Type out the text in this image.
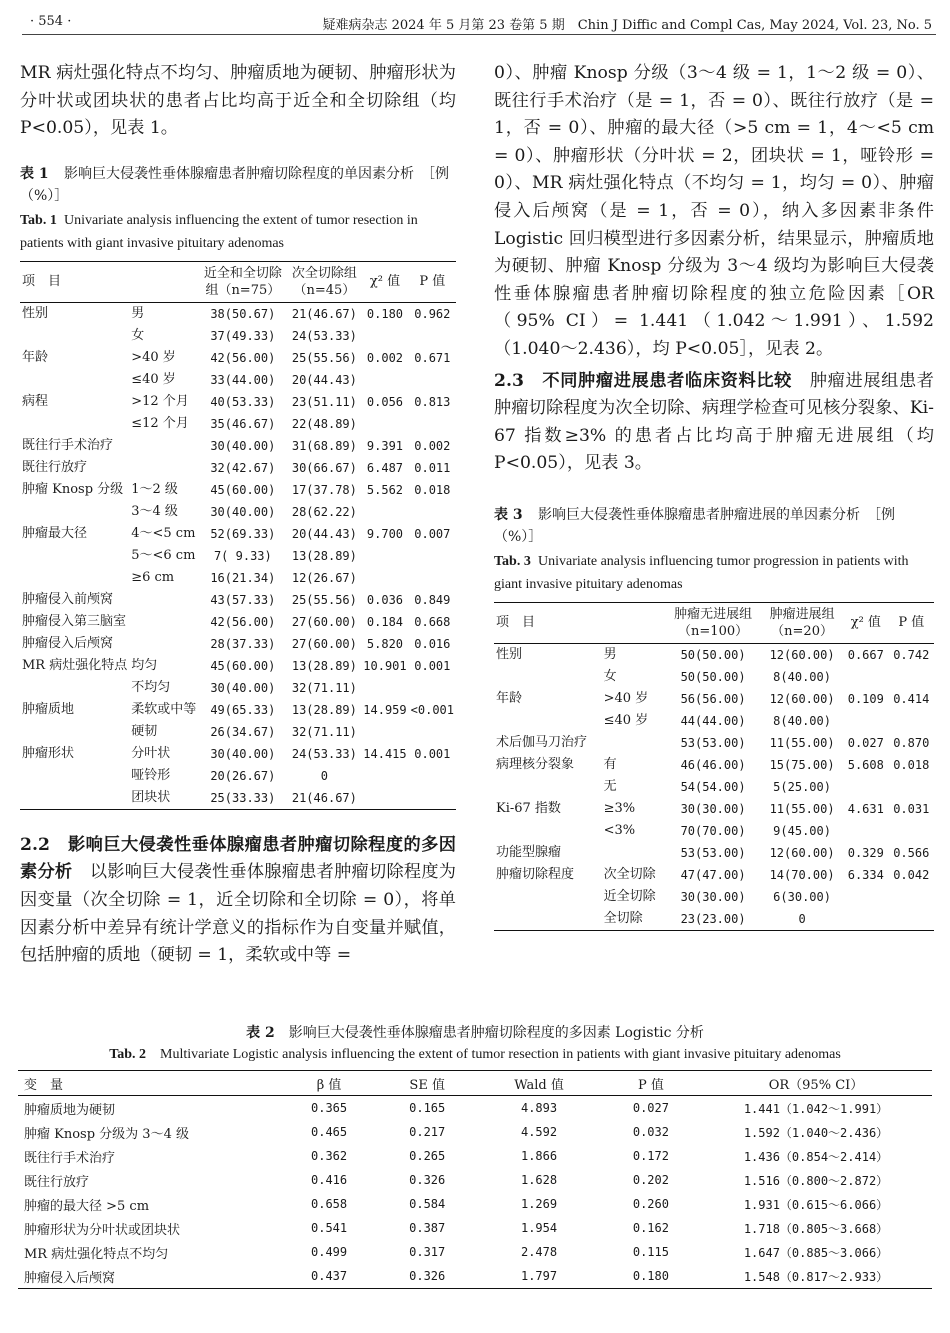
· 554 ·	疑难病杂志 2024 年 5 月第 23 卷第 5 期　Chin J Diffic and Compl Cas, May 2024, Vol. 23, No. 5

MR 病灶强化特点不均匀、肿瘤质地为硬韧、肿瘤形状为分叶状或团块状的患者占比均高于近全和全切除组（均 P<0.05），见表 1。

表 1 影响巨大侵袭性垂体腺瘤患者肿瘤切除程度的单因素分析　［例（%）］

Tab. 1 Univariate analysis influencing the extent of tumor resection in patients with giant invasive pituitary adenomas

项　目		近全和全切除组（n=75）	次全切除组（n=45）	χ² 值	P 值
性别	男	38(50.67)	21(46.67)	0.180	0.962
	女	37(49.33)	24(53.33)		
年龄	>40 岁	42(56.00)	25(55.56)	0.002	0.671
	≤40 岁	33(44.00)	20(44.43)		
病程	>12 个月	40(53.33)	23(51.11)	0.056	0.813
	≤12 个月	35(46.67)	22(48.89)		
既往行手术治疗		30(40.00)	31(68.89)	9.391	0.002
既往行放疗		32(42.67)	30(66.67)	6.487	0.011
肿瘤 Knosp 分级	1～2 级	45(60.00)	17(37.78)	5.562	0.018
	3～4 级	30(40.00)	28(62.22)		
肿瘤最大径	4～<5 cm	52(69.33)	20(44.43)	9.700	0.007
	5～<6 cm	7( 9.33)	13(28.89)		
	≥6 cm	16(21.34)	12(26.67)		
肿瘤侵入前颅窝		43(57.33)	25(55.56)	0.036	0.849
肿瘤侵入第三脑室		42(56.00)	27(60.00)	0.184	0.668
肿瘤侵入后颅窝		28(37.33)	27(60.00)	5.820	0.016
MR 病灶强化特点	均匀	45(60.00)	13(28.89)	10.901	0.001
	不均匀	30(40.00)	32(71.11)		
肿瘤质地	柔软或中等	49(65.33)	13(28.89)	14.959	<0.001
	硬韧	26(34.67)	32(71.11)		
肿瘤形状	分叶状	30(40.00)	24(53.33)	14.415	0.001
	哑铃形	20(26.67)	0		
	团块状	25(33.33)	21(46.67)		

2.2　影响巨大侵袭性垂体腺瘤患者肿瘤切除程度的多因素分析　 以影响巨大侵袭性垂体腺瘤患者肿瘤切除程度为因变量（次全切除 = 1，近全切除和全切除 = 0），将单因素分析中差异有统计学意义的指标作为自变量并赋值，包括肿瘤的质地（硬韧 = 1，柔软或中等 =

0）、肿瘤 Knosp 分级（3～4 级 = 1，1～2 级 = 0）、既往行手术治疗（是 = 1，否 = 0）、既往行放疗（是 = 1，否 = 0）、肿瘤的最大径（>5 cm = 1，4～<5 cm = 0）、肿瘤形状（分叶状 = 2，团块状 = 1，哑铃形 = 0）、MR 病灶强化特点（不均匀 = 1，均匀 = 0）、肿瘤侵入后颅窝（是 = 1，否 = 0），纳入多因素非条件 Logistic 回归模型进行多因素分析，结果显示，肿瘤质地为硬韧、肿瘤 Knosp 分级为 3～4 级均为影响巨大侵袭性垂体腺瘤患者肿瘤切除程度的独立危险因素［OR（95% CI）= 1.441（1.042～1.991）、1.592（1.040～2.436），均 P<0.05］，见表 2。

2.3　不同肿瘤进展患者临床资料比较　 肿瘤进展组患者肿瘤切除程度为次全切除、病理学检查可见核分裂象、Ki-67 指数≥3% 的患者占比均高于肿瘤无进展组（均 P<0.05），见表 3。

表 3 影响巨大侵袭性垂体腺瘤患者肿瘤进展的单因素分析　［例（%）］

Tab. 3 Univariate analysis influencing tumor progression in patients with giant invasive pituitary adenomas

项　目		肿瘤无进展组（n=100）	肿瘤进展组（n=20）	χ² 值	P 值
性别	男	50(50.00)	12(60.00)	0.667	0.742
	女	50(50.00)	8(40.00)		
年龄	>40 岁	56(56.00)	12(60.00)	0.109	0.414
	≤40 岁	44(44.00)	8(40.00)		
术后伽马刀治疗		53(53.00)	11(55.00)	0.027	0.870
病理核分裂象	有	46(46.00)	15(75.00)	5.608	0.018
	无	54(54.00)	5(25.00)		
Ki-67 指数	≥3%	30(30.00)	11(55.00)	4.631	0.031
	<3%	70(70.00)	9(45.00)		
功能型腺瘤		53(53.00)	12(60.00)	0.329	0.566
肿瘤切除程度	次全切除	47(47.00)	14(70.00)	6.334	0.042
	近全切除	30(30.00)	6(30.00)		
	全切除	23(23.00)	0		

表 2　 影响巨大侵袭性垂体腺瘤患者肿瘤切除程度的多因素 Logistic 分析

Tab. 2　 Multivariate Logistic analysis influencing the extent of tumor resection in patients with giant invasive pituitary adenomas

变　量	β 值	SE 值	Wald 值	P 值	OR（95% CI）
肿瘤质地为硬韧	0.365	0.165	4.893	0.027	1.441（1.042～1.991）
肿瘤 Knosp 分级为 3～4 级	0.465	0.217	4.592	0.032	1.592（1.040～2.436）
既往行手术治疗	0.362	0.265	1.866	0.172	1.436（0.854～2.414）
既往行放疗	0.416	0.326	1.628	0.202	1.516（0.800～2.872）
肿瘤的最大径 >5 cm	0.658	0.584	1.269	0.260	1.931（0.615～6.066）
肿瘤形状为分叶状或团块状	0.541	0.387	1.954	0.162	1.718（0.805～3.668）
MR 病灶强化特点不均匀	0.499	0.317	2.478	0.115	1.647（0.885～3.066）
肿瘤侵入后颅窝	0.437	0.326	1.797	0.180	1.548（0.817～2.933）
